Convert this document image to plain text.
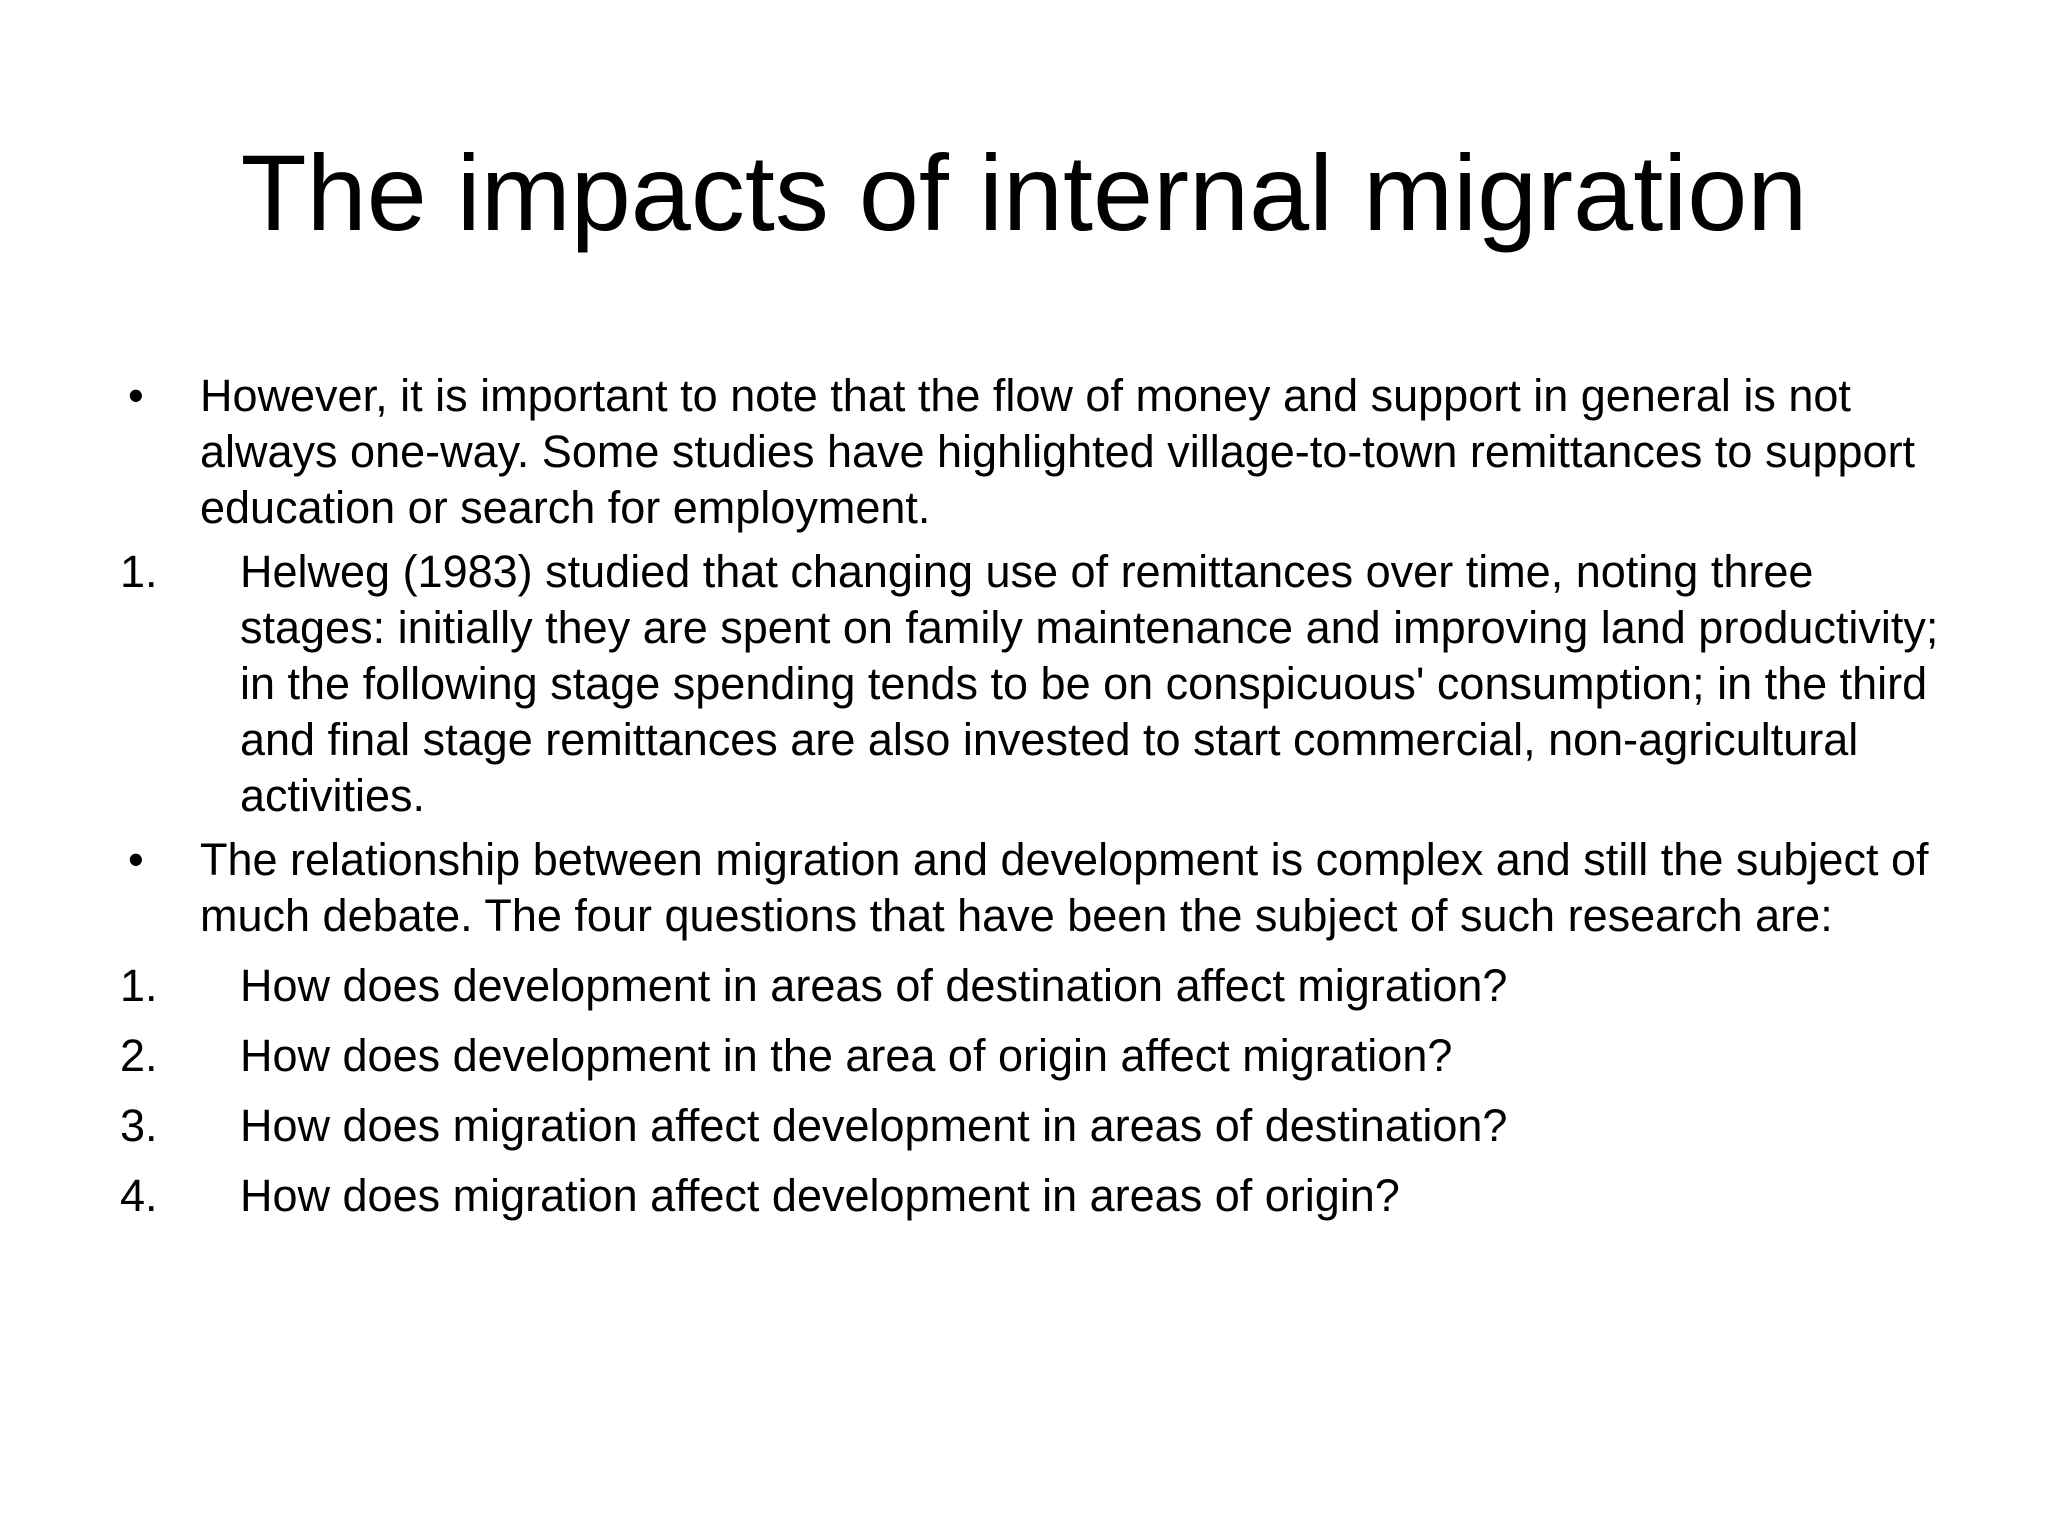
The impacts of internal migration
•	However, it is important to note that the flow of money and support in general is not always one-way. Some studies have highlighted village-to-town remittances to support education or search for employment.
1.	Helweg (1983) studied that changing use of remittances over time, noting three stages: initially they are spent on family maintenance and improving land productivity; in the following stage spending tends to be on conspicuous' consumption; in the third and final stage remittances are also invested to start commercial, non-agricultural activities.
•	The relationship between migration and development is complex and still the subject of much debate. The four questions that have been the subject of such research are:
1.	How does development in areas of destination affect migration?
2.	How does development in the area of origin affect migration?
3.	How does migration affect development in areas of destination?
4.	How does migration affect development in areas of origin?
